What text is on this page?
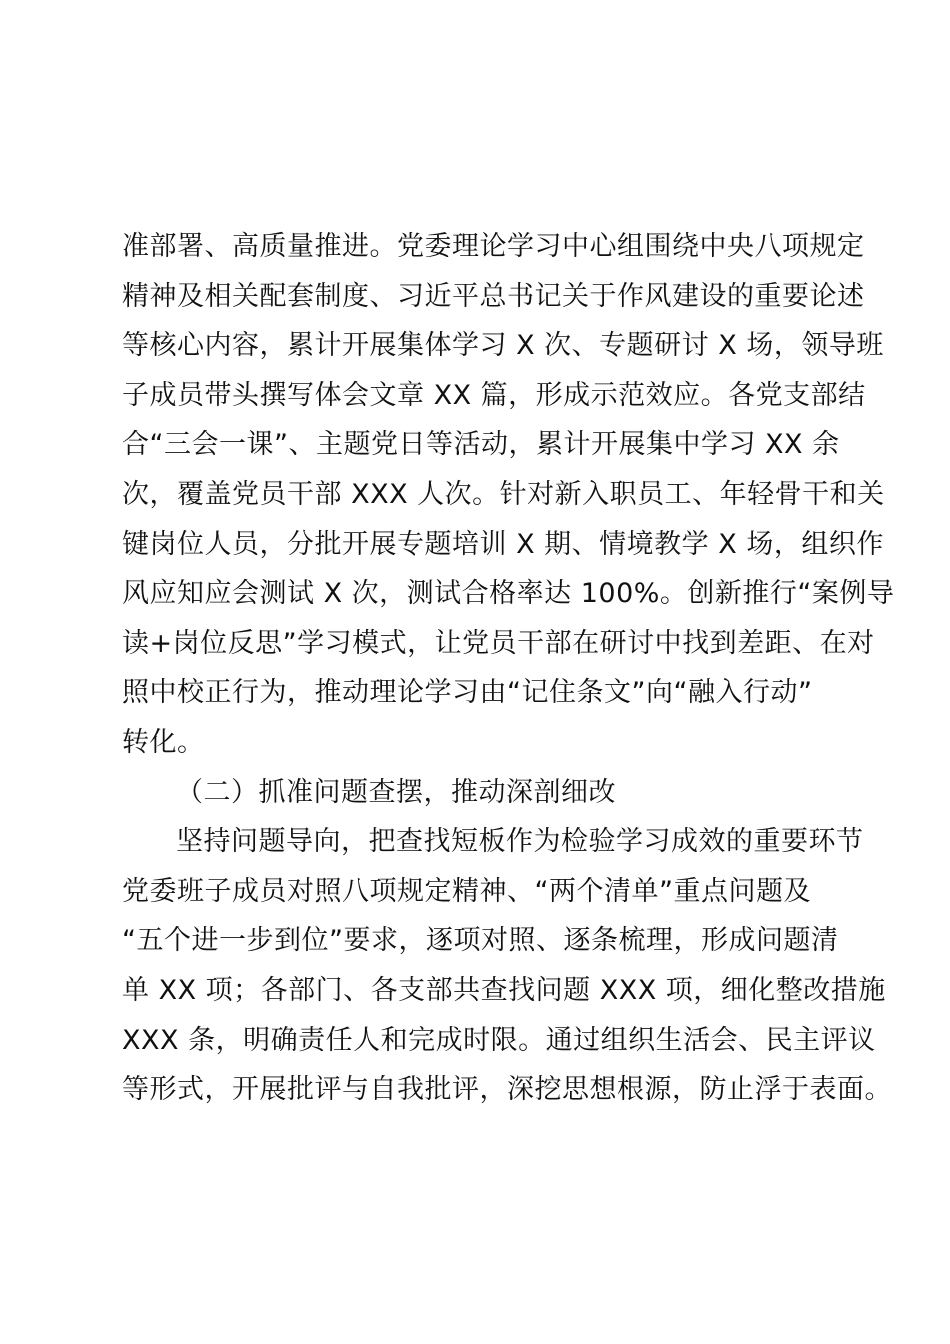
准部署、高质量推进。党委理论学习中心组围绕中央八项规定
精神及相关配套制度、习近平总书记关于作风建设的重要论述
等核心内容，累计开展集体学习 X 次、专题研讨 X 场，领导班
子成员带头撰写体会文章 XX 篇，形成示范效应。各党支部结
合“三会一课”、主题党日等活动，累计开展集中学习 XX 余
次，覆盖党员干部 XXX 人次。针对新入职员工、年轻骨干和关
键岗位人员，分批开展专题培训 X 期、情境教学 X 场，组织作
风应知应会测试 X 次，测试合格率达 100%。创新推行“案例导
读+岗位反思”学习模式，让党员干部在研讨中找到差距、在对
照中校正行为，推动理论学习由“记住条文”向“融入行动”
转化。
（二）抓准问题查摆，推动深剖细改
坚持问题导向，把查找短板作为检验学习成效的重要环节
党委班子成员对照八项规定精神、“两个清单”重点问题及
“五个进一步到位”要求，逐项对照、逐条梳理，形成问题清
单 XX 项；各部门、各支部共查找问题 XXX 项，细化整改措施
XXX 条，明确责任人和完成时限。通过组织生活会、民主评议
等形式，开展批评与自我批评，深挖思想根源，防止浮于表面。
